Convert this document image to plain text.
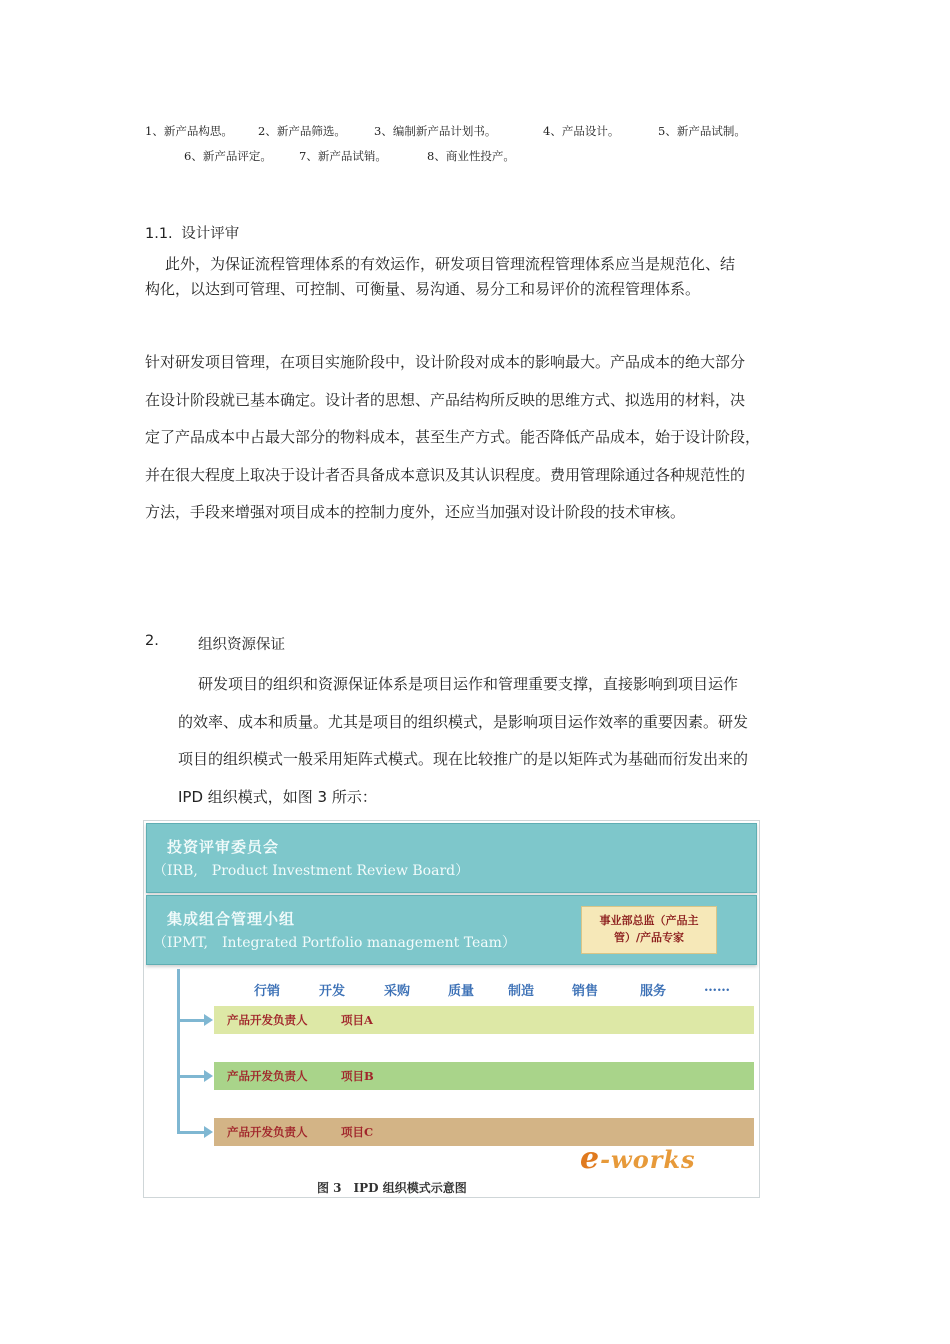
1、新产品构思。 2、新产品筛选。 3、编制新产品计划书。	4、产品设计。	5、新产品试制。
6、新产品评定。 7、新产品试销。	8、商业性投产。
1.1. 设计评审
此外，为保证流程管理体系的有效运作，研发项目管理流程管理体系应当是规范化、结
构化，以达到可管理、可控制、可衡量、易沟通、易分工和易评价的流程管理体系。
针对研发项目管理，在项目实施阶段中，设计阶段对成本的影响最大。产品成本的绝大部分
在设计阶段就已基本确定。设计者的思想、产品结构所反映的思维方式、拟选用的材料，决
定了产品成本中占最大部分的物料成本，甚至生产方式。能否降低产品成本，始于设计阶段，
并在很大程度上取决于设计者否具备成本意识及其认识程度。费用管理除通过各种规范性的
方法，手段来增强对项目成本的控制力度外，还应当加强对设计阶段的技术审核。
2.	组织资源保证
研发项目的组织和资源保证体系是项目运作和管理重要支撑，直接影响到项目运作
的效率、成本和质量。尤其是项目的组织模式，是影响项目运作效率的重要因素。研发
项目的组织模式一般采用矩阵式模式。现在比较推广的是以矩阵式为基础而衍发出来的
IPD 组织模式，如图 3 所示：
投资评审委员会
（IRB,　Product Investment Review Board）
集成组合管理小组
（IPMT,　Integrated Portfolio management Team）
事业部总监（产品主
管）/产品专家
行销	开发	采购	质量	制造	销售	服务	……
产品开发负责人	项目A
产品开发负责人	项目B
产品开发负责人	项目C
e-works
图 3　IPD 组织模式示意图
